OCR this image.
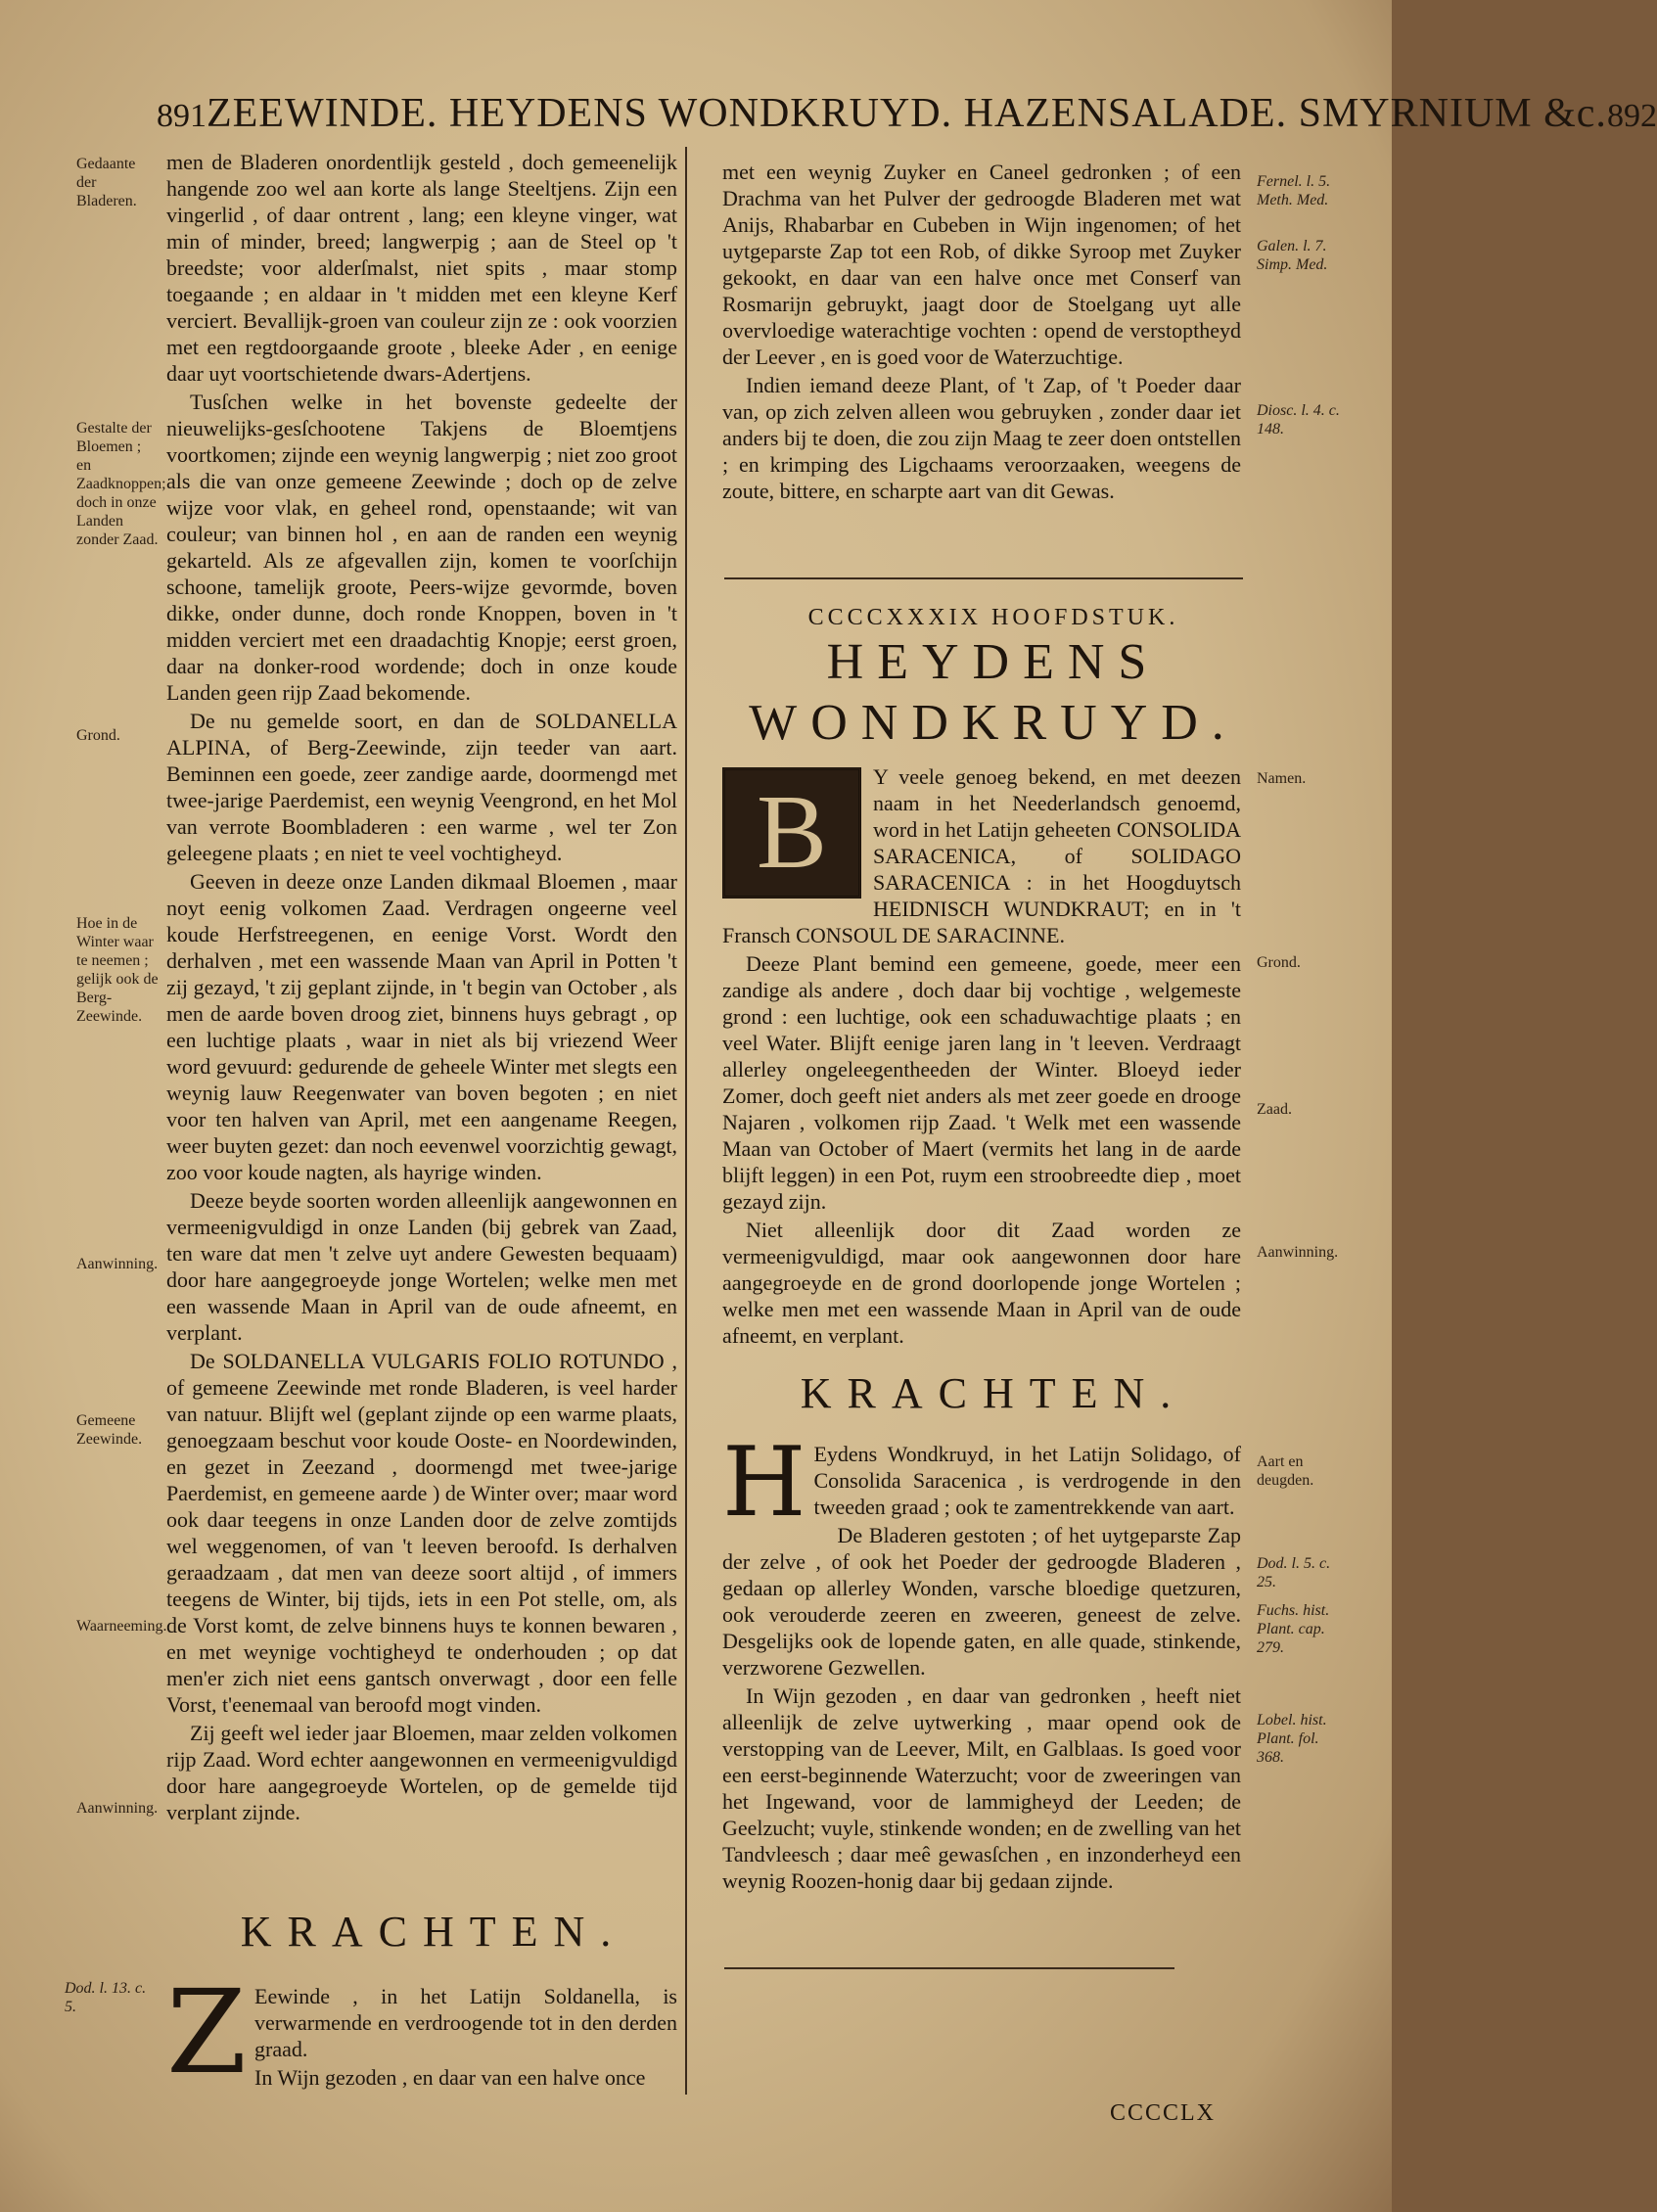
891 ZEEWINDE. HEYDENS WONDKRUYD. HAZENSALADE. SMYRNIUM &c. 892
Gedaante der Bladeren.
Gestalte der Bloemen ; en Zaadknoppen; doch in onze Landen zonder Zaad.
Grond.
Hoe in de Winter waar te neemen ; gelijk ook de Berg-Zeewinde.
Aanwinning.
Gemeene Zeewinde.
Waarneeming.
Aanwinning.
Dod. l. 13. c. 5.

men de Bladeren onordentlijk gesteld , doch gemeenelijk hangende zoo wel aan korte als lange Steeltjens. Zijn een vingerlid , of daar ontrent , lang; een kleyne vinger, wat min of minder, breed; langwerpig ; aan de Steel op 't breedste; voor alderſmalst, niet spits , maar stomp toegaande ; en aldaar in 't midden met een kleyne Kerf verciert. Bevallijk-groen van couleur zijn ze : ook voorzien met een regtdoorgaande groote , bleeke Ader , en eenige daar uyt voortschietende dwars-Adertjens.

Tusſchen welke in het bovenste gedeelte der nieuwelijks-gesſchootene Takjens de Bloemtjens voortkomen; zijnde een weynig langwerpig ; niet zoo groot als die van onze gemeene Zeewinde ; doch op de zelve wijze voor vlak, en geheel rond, openstaande; wit van couleur; van binnen hol , en aan de randen een weynig gekarteld. Als ze afgevallen zijn, komen te voorſchijn schoone, tamelijk groote, Peers-wijze gevormde, boven dikke, onder dunne, doch ronde Knoppen, boven in 't midden verciert met een draadachtig Knopje; eerst groen, daar na donker-rood wordende; doch in onze koude Landen geen rijp Zaad bekomende.

De nu gemelde soort, en dan de SOLDANELLA ALPINA, of Berg-Zeewinde, zijn teeder van aart. Beminnen een goede, zeer zandige aarde, doormengd met twee-jarige Paerdemist, een weynig Veengrond, en het Mol van verrote Boombladeren : een warme , wel ter Zon geleegene plaats ; en niet te veel vochtigheyd.

Geeven in deeze onze Landen dikmaal Bloemen , maar noyt eenig volkomen Zaad. Verdragen ongeerne veel koude Herfstreegenen, en eenige Vorst. Wordt den derhalven , met een wassende Maan van April in Potten 't zij gezayd, 't zij geplant zijnde, in 't begin van October , als men de aarde boven droog ziet, binnens huys gebragt , op een luchtige plaats , waar in niet als bij vriezend Weer word gevuurd: gedurende de geheele Winter met slegts een weynig lauw Reegenwater van boven begoten ; en niet voor ten halven van April, met een aangename Reegen, weer buyten gezet: dan noch eevenwel voorzichtig gewagt, zoo voor koude nagten, als hayrige winden.

Deeze beyde soorten worden alleenlijk aangewonnen en vermeenigvuldigd in onze Landen (bij gebrek van Zaad, ten ware dat men 't zelve uyt andere Gewesten bequaam) door hare aangegroeyde jonge Wortelen; welke men met een wassende Maan in April van de oude afneemt, en verplant.

De SOLDANELLA VULGARIS FOLIO ROTUNDO , of gemeene Zeewinde met ronde Bladeren, is veel harder van natuur. Blijft wel (geplant zijnde op een warme plaats, genoegzaam beschut voor koude Ooste- en Noordewinden, en gezet in Zeezand , doormengd met twee-jarige Paerdemist, en gemeene aarde ) de Winter over; maar word ook daar teegens in onze Landen door de zelve zomtijds wel weggenomen, of van 't leeven beroofd. Is derhalven geraadzaam , dat men van deeze soort altijd , of immers teegens de Winter, bij tijds, iets in een Pot stelle, om, als de Vorst komt, de zelve binnens huys te konnen bewaren , en met weynige vochtigheyd te onderhouden ; op dat men'er zich niet eens gantsch onverwagt , door een felle Vorst, t'eenemaal van beroofd mogt vinden.

Zij geeft wel ieder jaar Bloemen, maar zelden volkomen rijp Zaad. Word echter aangewonnen en vermeenigvuldigd door hare aangegroeyde Wortelen, op de gemelde tijd verplant zijnde.

KRACHTEN.

Z Eewinde , in het Latijn Soldanella, is verwarmende en verdroogende tot in den derden graad.

In Wijn gezoden , en daar van een halve once

met een weynig Zuyker en Caneel gedronken ; of een Drachma van het Pulver der gedroogde Bladeren met wat Anijs, Rhabarbar en Cubeben in Wijn ingenomen; of het uytgeparste Zap tot een Rob, of dikke Syroop met Zuyker gekookt, en daar van een halve once met Conserf van Rosmarijn gebruykt, jaagt door de Stoelgang uyt alle overvloedige waterachtige vochten : opend de verstoptheyd der Leever , en is goed voor de Waterzuchtige.

Indien iemand deeze Plant, of 't Zap, of 't Poeder daar van, op zich zelven alleen wou gebruyken , zonder daar iet anders bij te doen, die zou zijn Maag te zeer doen ontstellen ; en krimping des Ligchaams veroorzaaken, weegens de zoute, bittere, en scharpte aart van dit Gewas.

CCCCXXXIX HOOFDSTUK.

HEYDENS

WONDKRUYD.

B	Y veele genoeg bekend, en met deezen naam in het Neederlandsch genoemd, word in het Latijn geheeten CONSOLIDA SARACENICA, of SOLIDAGO SARACENICA : in het Hoogduytsch HEIDNISCH WUNDKRAUT; en in 't Fransch CONSOUL DE SARACINNE.

Deeze Plant bemind een gemeene, goede, meer een zandige als andere , doch daar bij vochtige , welgemeste grond : een luchtige, ook een schaduwachtige plaats ; en veel Water. Blijft eenige jaren lang in 't leeven. Verdraagt allerley ongeleegentheeden der Winter. Bloeyd ieder Zomer, doch geeft niet anders als met zeer goede en drooge Najaren , volkomen rijp Zaad. 't Welk met een wassende Maan van October of Maert (vermits het lang in de aarde blijft leggen) in een Pot, ruym een stroobreedte diep , moet gezayd zijn.

Niet alleenlijk door dit Zaad worden ze vermeenigvuldigd, maar ook aangewonnen door hare aangegroeyde en de grond doorlopende jonge Wortelen ; welke men met een wassende Maan in April van de oude afneemt, en verplant.

KRACHTEN.

H Eydens Wondkruyd, in het Latijn Solidago, of Consolida Saracenica , is verdrogende in den tweeden graad ; ook te zamentrekkende van aart.

De Bladeren gestoten ; of het uytgeparste Zap der zelve , of ook het Poeder der gedroogde Bladeren , gedaan op allerley Wonden, varsche bloedige quetzuren, ook verouderde zeeren en zweeren, geneest de zelve. Desgelijks ook de lopende gaten, en alle quade, stinkende, verzworene Gezwellen.

In Wijn gezoden , en daar van gedronken , heeft niet alleenlijk de zelve uytwerking , maar opend ook de verstopping van de Leever, Milt, en Galblaas. Is goed voor een eerst-beginnende Waterzucht; voor de zweeringen van het Ingewand, voor de lammigheyd der Leeden; de Geelzucht; vuyle, stinkende wonden; en de zwelling van het Tandvleesch ; daar meê gewasſchen , en inzonderheyd een weynig Roozen-honig daar bij gedaan zijnde.

Fernel. l. 5. Meth. Med.
Galen. l. 7. Simp. Med.
Diosc. l. 4. c. 148.
Namen.
Grond.
Zaad.
Aanwinning.
Aart en deugden.
Dod. l. 5. c. 25.
Fuchs. hist. Plant. cap. 279.
Lobel. hist. Plant. fol. 368.
CCCCLX
